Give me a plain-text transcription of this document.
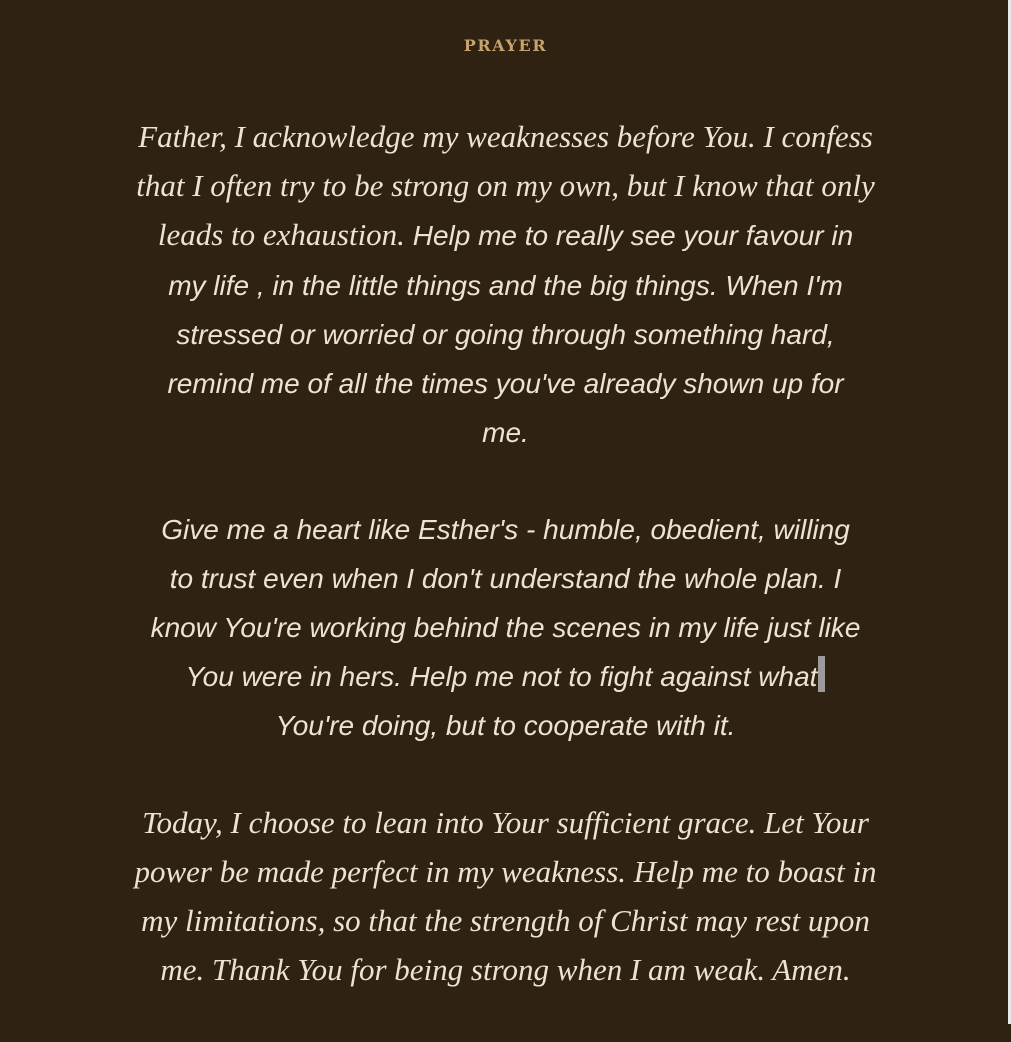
PRAYER

Father, I acknowledge my weaknesses before You. I confess
that I often try to be strong on my own, but I know that only
leads to exhaustion. Help me to really see your favour in
my life , in the little things and the big things. When I'm
stressed or worried or going through something hard,
remind me of all the times you've already shown up for
me.

Give me a heart like Esther's - humble, obedient, willing
to trust even when I don't understand the whole plan. I
know You're working behind the scenes in my life just like
You were in hers. Help me not to fight against what
You're doing, but to cooperate with it.

Today, I choose to lean into Your sufficient grace. Let Your
power be made perfect in my weakness. Help me to boast in
my limitations, so that the strength of Christ may rest upon
me. Thank You for being strong when I am weak. Amen.
